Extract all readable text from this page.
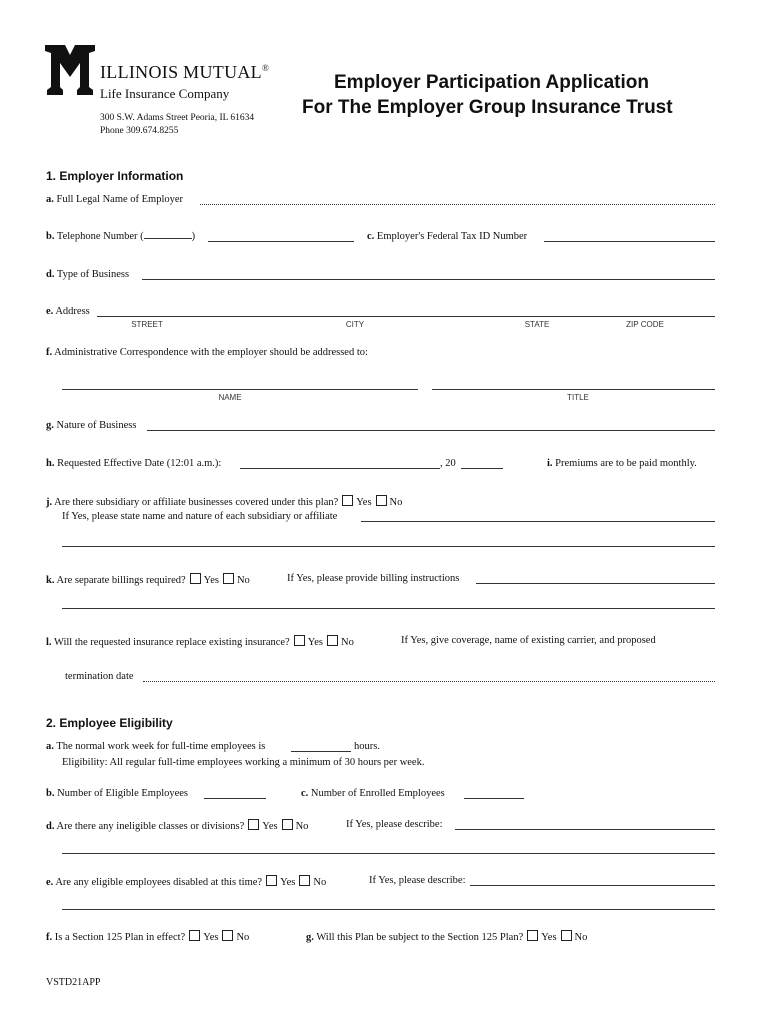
ILLINOIS MUTUAL®
Life Insurance Company
300 S.W. Adams Street Peoria, IL 61634
Phone 309.674.8255
Employer Participation Application
For The Employer Group Insurance Trust
1. Employer Information
a. Full Legal Name of Employer
b. Telephone Number (	)	c. Employer's Federal Tax ID Number
d. Type of Business
e. Address
STREET	CITY	STATE	ZIP CODE
f. Administrative Correspondence with the employer should be addressed to:
NAME	TITLE
g. Nature of Business
h. Requested Effective Date (12:01 a.m.):	, 20	i. Premiums are to be paid monthly.
j. Are there subsidiary or affiliate businesses covered under this plan? Yes No
If Yes, please state name and nature of each subsidiary or affiliate
k. Are separate billings required? Yes No	If Yes, please provide billing instructions
l. Will the requested insurance replace existing insurance? Yes No	If Yes, give coverage, name of existing carrier, and proposed
termination date
2. Employee Eligibility
a. The normal work week for full-time employees is	hours.
Eligibility: All regular full-time employees working a minimum of 30 hours per week.
b. Number of Eligible Employees	c. Number of Enrolled Employees
d. Are there any ineligible classes or divisions? Yes No	If Yes, please describe:
e. Are any eligible employees disabled at this time? Yes No	If Yes, please describe:
f. Is a Section 125 Plan in effect? Yes No	g. Will this Plan be subject to the Section 125 Plan? Yes No
VSTD21APP
